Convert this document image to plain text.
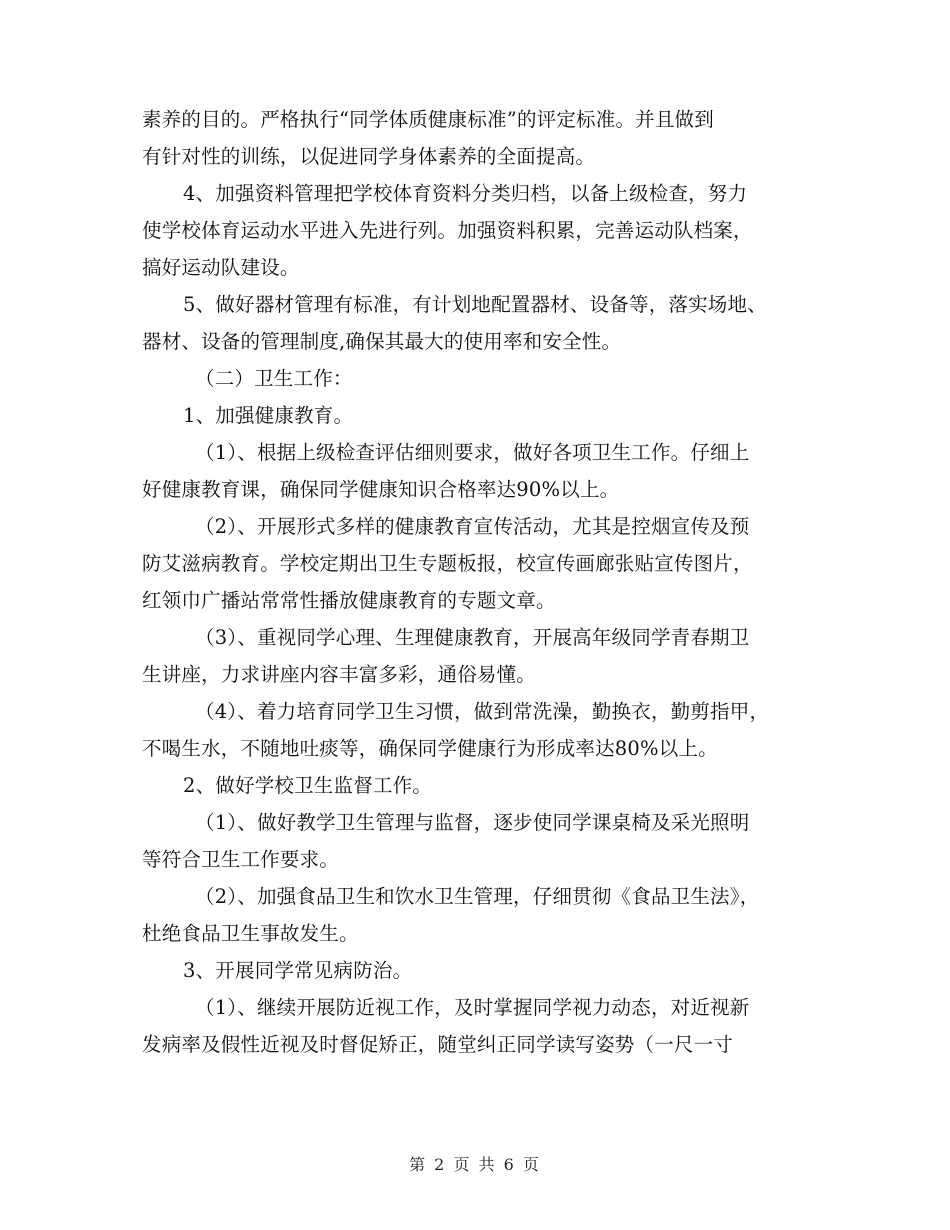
素养的目的。严格执行“同学体质健康标准”的评定标准。并且做到
有针对性的训练，以促进同学身体素养的全面提高。
4、加强资料管理把学校体育资料分类归档，以备上级检查，努力
使学校体育运动水平进入先进行列。加强资料积累，完善运动队档案，
搞好运动队建设。
5、做好器材管理有标准，有计划地配置器材、设备等，落实场地、
器材、设备的管理制度,确保其最大的使用率和安全性。
（二）卫生工作：
1、加强健康教育。
（1）、根据上级检查评估细则要求，做好各项卫生工作。仔细上
好健康教育课，确保同学健康知识合格率达90%以上。
（2）、开展形式多样的健康教育宣传活动，尤其是控烟宣传及预
防艾滋病教育。学校定期出卫生专题板报，校宣传画廊张贴宣传图片，
红领巾广播站常常性播放健康教育的专题文章。
（3）、重视同学心理、生理健康教育，开展高年级同学青春期卫
生讲座，力求讲座内容丰富多彩，通俗易懂。
（4）、着力培育同学卫生习惯，做到常洗澡，勤换衣，勤剪指甲，
不喝生水，不随地吐痰等，确保同学健康行为形成率达80%以上。
2、做好学校卫生监督工作。
（1）、做好教学卫生管理与监督，逐步使同学课桌椅及采光照明
等符合卫生工作要求。
（2）、加强食品卫生和饮水卫生管理，仔细贯彻《食品卫生法》，
杜绝食品卫生事故发生。
3、开展同学常见病防治。
（1）、继续开展防近视工作，及时掌握同学视力动态，对近视新
发病率及假性近视及时督促矫正，随堂纠正同学读写姿势（一尺一寸
第 2 页 共 6 页
